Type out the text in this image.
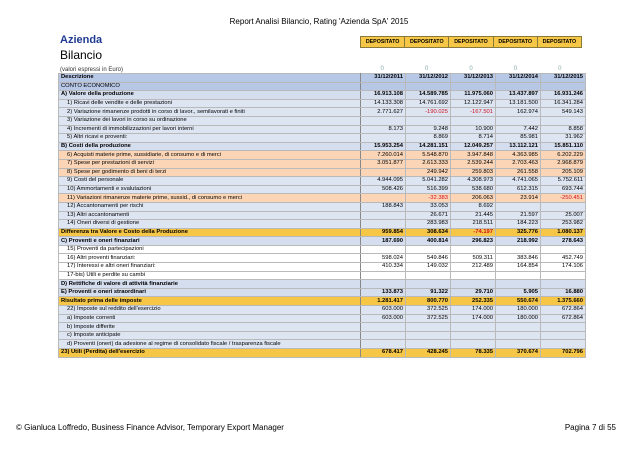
Report Analisi Bilancio, Rating 'Azienda SpA' 2015
Azienda
Bilancio
DEPOSITATO	DEPOSITATO	DEPOSITATO	DEPOSITATO	DEPOSITATO
(valori espressi in Euro)	0	0	0	0	0
Descrizione	31/12/2011	31/12/2012	31/12/2013	31/12/2014	31/12/2015
CONTO ECONOMICO					
A) Valore della produzione	16.913.108	14.589.785	11.975.060	13.437.897	16.931.246
1) Ricavi delle vendite e delle prestazioni	14.133.308	14.761.692	12.122.947	13.181.500	16.341.284
2) Variazione rimanenze prodotti in corso di lavor., semilavorati e finiti	2.771.627	-190.025	-167.501	162.974	549.143
3) Variazione dei lavori in corso su ordinazione					
4) Incrementi di immobilizzazioni per lavori interni	8.173	9.248	10.900	7.442	8.858
5) Altri ricavi e proventi:		8.869	8.714	85.981	31.962
B) Costi della produzione	15.953.254	14.281.151	12.049.257	13.112.121	15.851.110
6) Acquisti materie prime, sussidiarie, di consumo e di merci	7.260.014	5.548.870	3.947.848	4.363.985	6.202.229
7) Spese per prestazioni di servizi	3.051.877	2.613.333	2.539.244	2.703.463	2.968.879
8) Spese per godimento di beni di terzi		249.942	259.803	261.558	205.109
9) Costi del personale	4.944.095	5.041.282	4.308.973	4.741.065	5.752.611
10) Ammortamenti e svalutazioni	508.426	516.399	538.680	612.315	693.744
11) Variazioni rimanenze materie prime, sussid., di consumo e merci		-32.383	206.063	23.914	-250.451
12) Accantonamenti per rischi	188.843	33.053	8.692		
13) Altri accantonamenti		26.671	21.445	21.597	25.007
14) Oneri diversi di gestione		283.983	218.511	184.223	253.982
Differenza tra Valore e Costo della Produzione	959.854	308.634	-74.197	325.776	1.080.137
C) Proventi e oneri finanziari	187.690	400.814	296.823	218.992	278.643
15) Proventi da partecipazioni					
16) Altri proventi finanziari:	598.024	549.846	509.311	383.846	452.749
17) Interessi e altri oneri finanziari:	410.334	149.032	212.489	164.854	174.106
17-bis) Utili e perdite su cambi					
D) Rettifiche di valore di attività finanziarie					
E) Proventi e oneri straordinari	133.873	91.322	29.710	5.905	16.880
Risultato prima delle imposte	1.281.417	800.770	252.335	550.674	1.375.660
22) Imposte sul reddito dell'esercizio	603.000	372.525	174.000	180.000	672.864
a) Imposte correnti	603.000	372.525	174.000	180.000	672.864
b) Imposte differite					
c) Imposte anticipate					
d) Proventi (oneri) da adesione al regime di consolidato fiscale / trasparenza fiscale					
23) Utili (Perdita) dell'esercizio	678.417	428.245	78.335	370.674	702.796
© Gianluca Loffredo, Business Finance Advisor, Temporary Export Manager	Pagina 7 di 55
